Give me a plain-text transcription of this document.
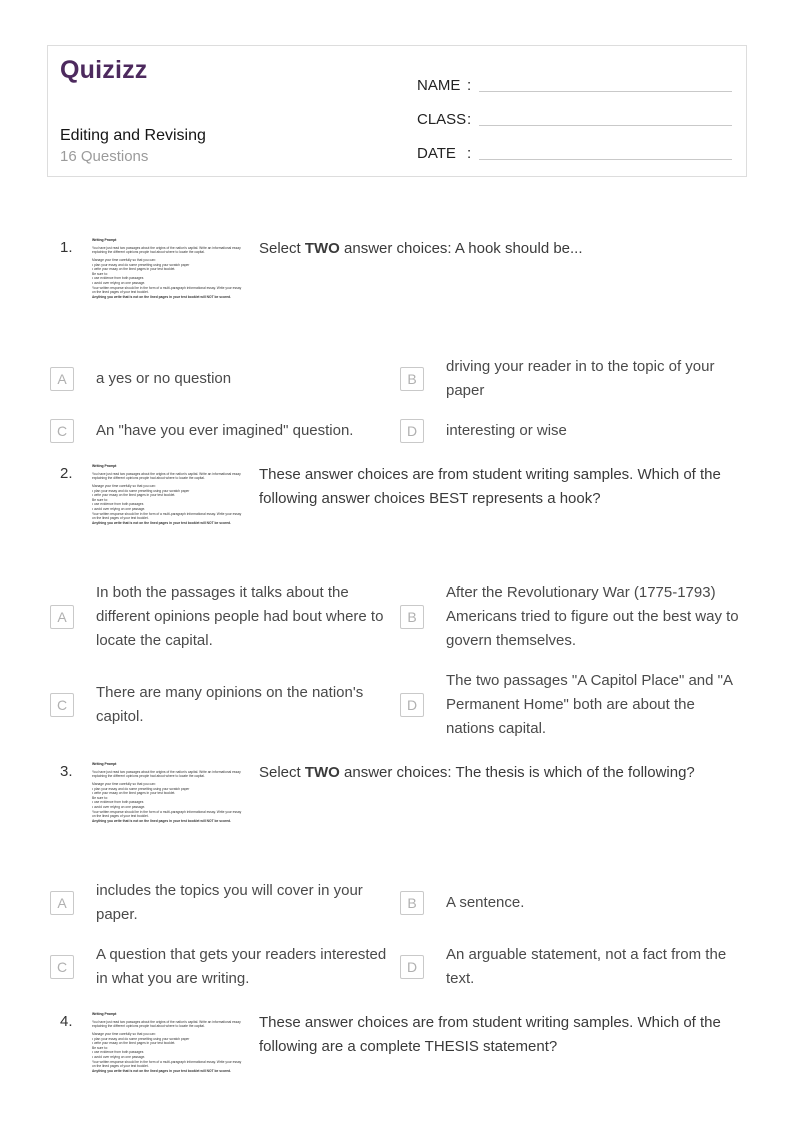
Quizizz
Editing and Revising
16 Questions
NAME :
CLASS :
DATE :
1.	Writing Prompt
You have just read two passages about the origins of the nation's capital. Write an informational essay explaining the different opinions people had about where to locate the capital.
Manage your time carefully so that you can:
• plan your essay and do some prewriting using your scratch paper
• write your essay on the lined pages in your test booklet.
Be sure to:
• use evidence from both passages
• avoid over relying on one passage.
Your written response should be in the form of a multi-paragraph informational essay. Write your essay on the lined pages of your test booklet.
Anything you write that is not on the lined pages in your test booklet will NOT be scored.
Select TWO answer choices: A hook should be...
A	a yes or no question	B
driving your reader in to the topic of your paper
C	An "have you ever imagined" question.	D	interesting or wise
2.	Writing Prompt
You have just read two passages about the origins of the nation's capital. Write an informational essay explaining the different opinions people had about where to locate the capital.
Manage your time carefully so that you can:
• plan your essay and do some prewriting using your scratch paper
• write your essay on the lined pages in your test booklet.
Be sure to:
• use evidence from both passages
• avoid over relying on one passage.
Your written response should be in the form of a multi-paragraph informational essay. Write your essay on the lined pages of your test booklet.
Anything you write that is not on the lined pages in your test booklet will NOT be scored.
These answer choices are from student writing samples. Which of the following answer choices BEST represents a hook?
A
In both the passages it talks about the different opinions people had bout where to locate the capital.
B
After the Revolutionary War (1775-1793) Americans tried to figure out the best way to govern themselves.
C
There are many opinions on the nation's capitol.
D
The two passages "A Capitol Place" and "A Permanent Home" both are about the nations capital.
3.	Writing Prompt
You have just read two passages about the origins of the nation's capital. Write an informational essay explaining the different opinions people had about where to locate the capital.
Manage your time carefully so that you can:
• plan your essay and do some prewriting using your scratch paper
• write your essay on the lined pages in your test booklet.
Be sure to:
• use evidence from both passages
• avoid over relying on one passage.
Your written response should be in the form of a multi-paragraph informational essay. Write your essay on the lined pages of your test booklet.
Anything you write that is not on the lined pages in your test booklet will NOT be scored.
Select TWO answer choices: The thesis is which of the following?
A
includes the topics you will cover in your paper.
B	A sentence.
C
A question that gets your readers interested in what you are writing.
D
An arguable statement, not a fact from the text.
4.	Writing Prompt
You have just read two passages about the origins of the nation's capital. Write an informational essay explaining the different opinions people had about where to locate the capital.
Manage your time carefully so that you can:
• plan your essay and do some prewriting using your scratch paper
• write your essay on the lined pages in your test booklet.
Be sure to:
• use evidence from both passages
• avoid over relying on one passage.
Your written response should be in the form of a multi-paragraph informational essay. Write your essay on the lined pages of your test booklet.
Anything you write that is not on the lined pages in your test booklet will NOT be scored.
These answer choices are from student writing samples. Which of the following are a complete THESIS statement?
